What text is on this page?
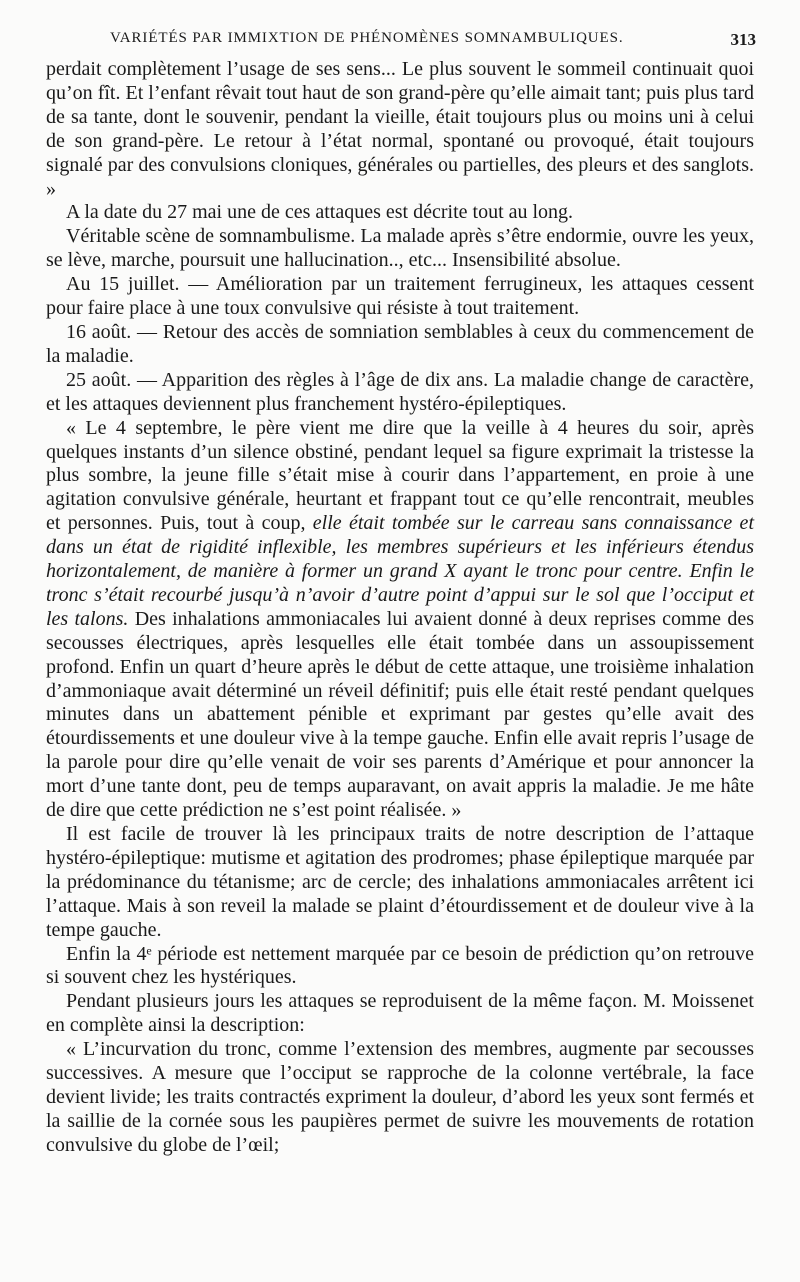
VARIÉTÉS PAR IMMIXTION DE PHÉNOMÈNES SOMNAMBULIQUES.	313

perdait complètement l’usage de ses sens... Le plus souvent le sommeil continuait quoi qu’on fît. Et l’enfant rêvait tout haut de son grand-père qu’elle aimait tant; puis plus tard de sa tante, dont le souvenir, pendant la vieille, était toujours plus ou moins uni à celui de son grand-père. Le retour à l’état normal, spontané ou provoqué, était toujours signalé par des convulsions cloniques, générales ou partielles, des pleurs et des sanglots. »

A la date du 27 mai une de ces attaques est décrite tout au long.

Véritable scène de somnambulisme. La malade après s’être endormie, ouvre les yeux, se lève, marche, poursuit une hallucination.., etc... Insensibilité absolue.

Au 15 juillet. — Amélioration par un traitement ferrugineux, les attaques cessent pour faire place à une toux convulsive qui résiste à tout traitement.

16 août. — Retour des accès de somniation semblables à ceux du commencement de la maladie.

25 août. — Apparition des règles à l’âge de dix ans. La maladie change de caractère, et les attaques deviennent plus franchement hystéro-épileptiques.

« Le 4 septembre, le père vient me dire que la veille à 4 heures du soir, après quelques instants d’un silence obstiné, pendant lequel sa figure exprimait la tristesse la plus sombre, la jeune fille s’était mise à courir dans l’appartement, en proie à une agitation convulsive générale, heurtant et frappant tout ce qu’elle rencontrait, meubles et personnes. Puis, tout à coup, elle était tombée sur le carreau sans connaissance et dans un état de rigidité inflexible, les membres supérieurs et les inférieurs étendus horizontalement, de manière à former un grand X ayant le tronc pour centre. Enfin le tronc s’était recourbé jusqu’à n’avoir d’autre point d’appui sur le sol que l’occiput et les talons. Des inhalations ammoniacales lui avaient donné à deux reprises comme des secousses électriques, après lesquelles elle était tombée dans un assoupissement profond. Enfin un quart d’heure après le début de cette attaque, une troisième inhalation d’ammoniaque avait déterminé un réveil définitif; puis elle était resté pendant quelques minutes dans un abattement pénible et exprimant par gestes qu’elle avait des étourdissements et une douleur vive à la tempe gauche. Enfin elle avait repris l’usage de la parole pour dire qu’elle venait de voir ses parents d’Amérique et pour annoncer la mort d’une tante dont, peu de temps auparavant, on avait appris la maladie. Je me hâte de dire que cette prédiction ne s’est point réalisée. »

Il est facile de trouver là les principaux traits de notre description de l’attaque hystéro-épileptique: mutisme et agitation des prodromes; phase épileptique marquée par la prédominance du tétanisme; arc de cercle; des inhalations ammoniacales arrêtent ici l’attaque. Mais à son reveil la malade se plaint d’étourdissement et de douleur vive à la tempe gauche.

Enfin la 4ᵉ période est nettement marquée par ce besoin de prédiction qu’on retrouve si souvent chez les hystériques.

Pendant plusieurs jours les attaques se reproduisent de la même façon. M. Moissenet en complète ainsi la description:

« L’incurvation du tronc, comme l’extension des membres, augmente par secousses successives. A mesure que l’occiput se rapproche de la colonne vertébrale, la face devient livide; les traits contractés expriment la douleur, d’abord les yeux sont fermés et la saillie de la cornée sous les paupières permet de suivre les mouvements de rotation convulsive du globe de l’œil;
